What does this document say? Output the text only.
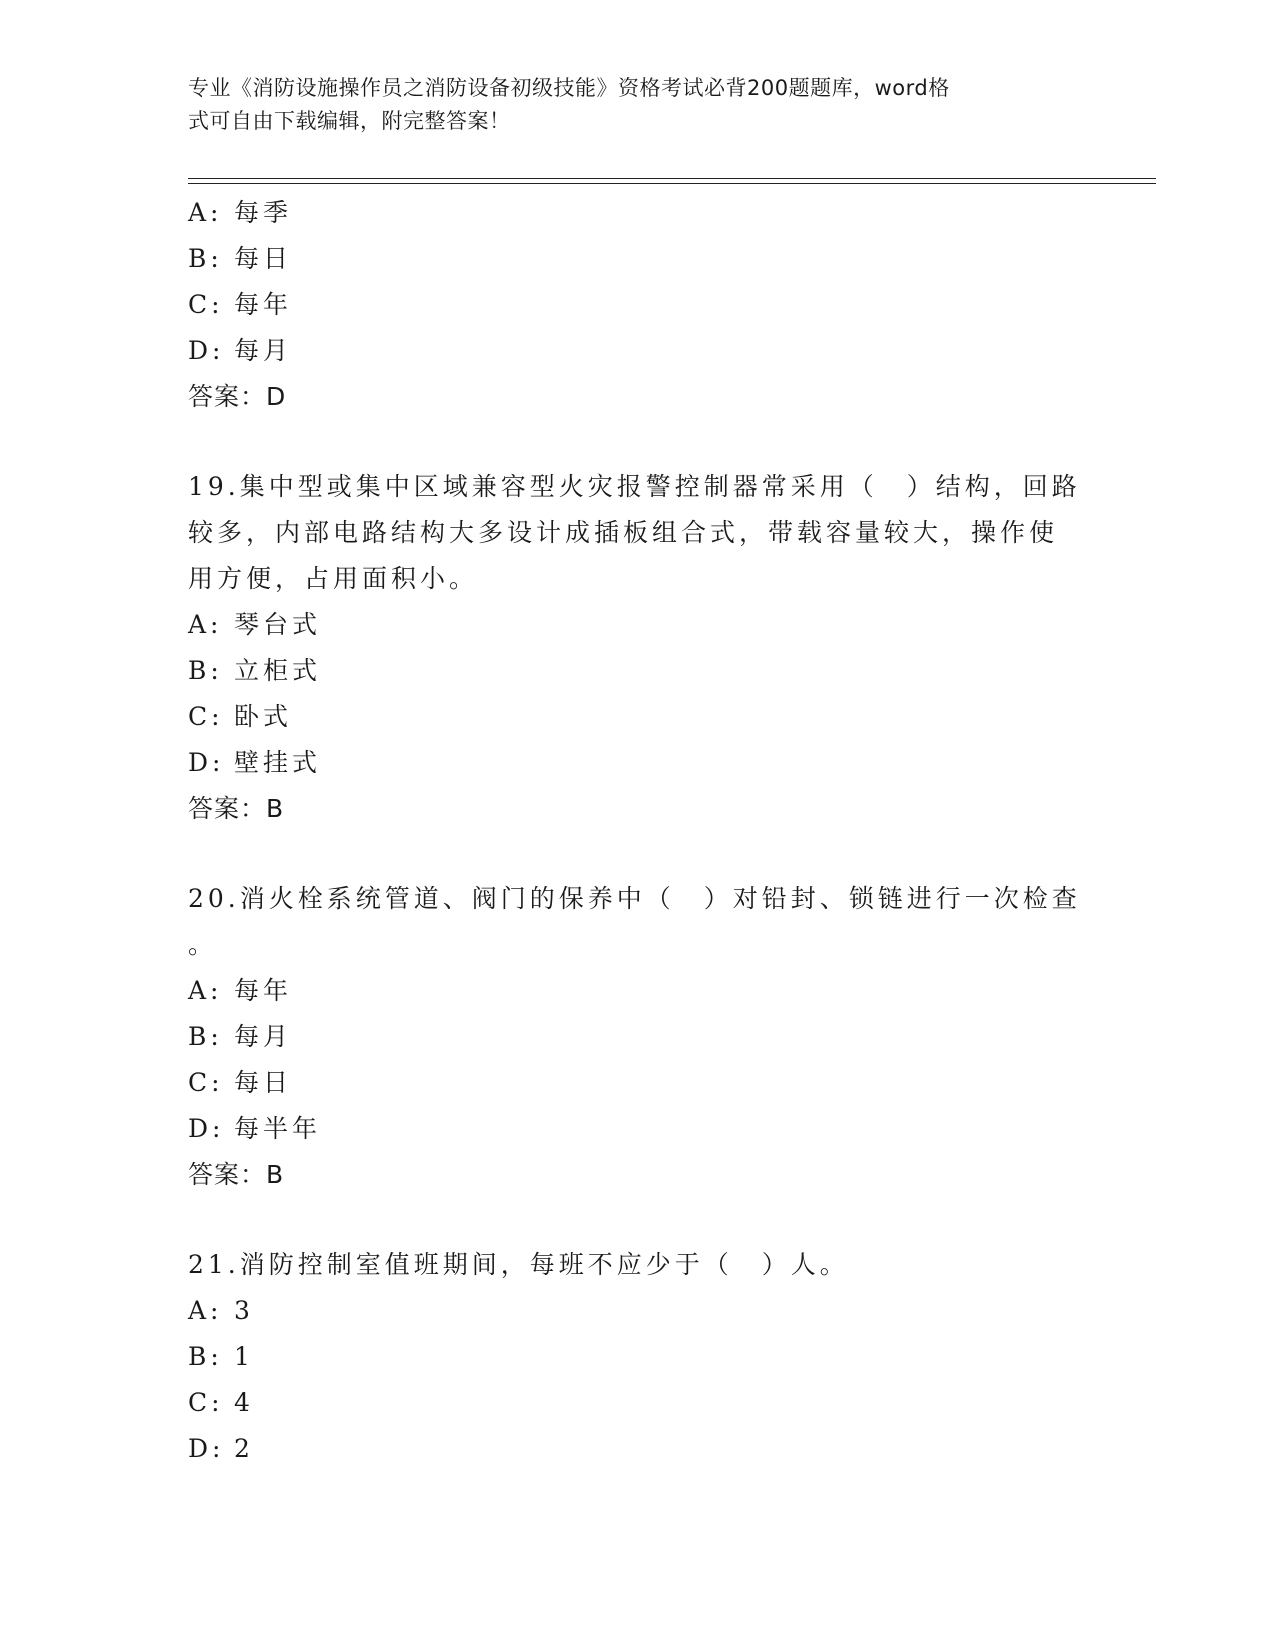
专业《消防设施操作员之消防设备初级技能》资格考试必背200题题库，word格
式可自由下载编辑，附完整答案！
A: 每季
B: 每日
C: 每年
D: 每月
答案：D
19.集中型或集中区域兼容型火灾报警控制器常采用（　）结构，回路
较多，内部电路结构大多设计成插板组合式，带载容量较大，操作使
用方便，占用面积小。
A: 琴台式
B: 立柜式
C: 卧式
D: 壁挂式
答案：B
20.消火栓系统管道、阀门的保养中（　）对铅封、锁链进行一次检查
。
A: 每年
B: 每月
C: 每日
D: 每半年
答案：B
21.消防控制室值班期间，每班不应少于（　）人。
A: 3
B: 1
C: 4
D: 2
